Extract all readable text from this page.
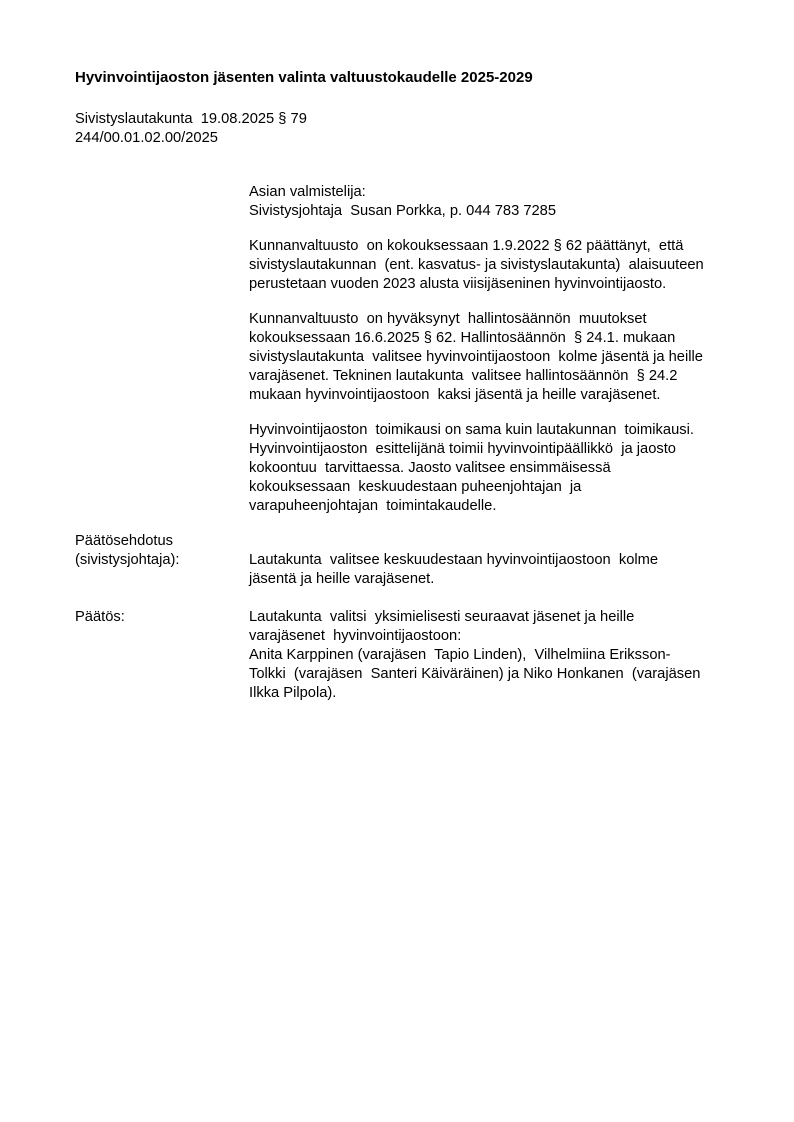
Hyvinvointijaoston jäsenten valinta valtuustokaudelle 2025-2029
Sivistyslautakunta  19.08.2025 § 79
244/00.01.02.00/2025

Asian valmistelija:
Sivistysjohtaja  Susan Porkka, p. 044 783 7285

Kunnanvaltuusto  on kokouksessaan 1.9.2022 § 62 päättänyt,  että
sivistyslautakunnan  (ent. kasvatus- ja sivistyslautakunta)  alaisuuteen
perustetaan vuoden 2023 alusta viisijäseninen hyvinvointijaosto.

Kunnanvaltuusto  on hyväksynyt  hallintosäännön  muutokset
kokouksessaan 16.6.2025 § 62. Hallintosäännön  § 24.1. mukaan
sivistyslautakunta  valitsee hyvinvointijaostoon  kolme jäsentä ja heille
varajäsenet. Tekninen lautakunta  valitsee hallintosäännön  § 24.2
mukaan hyvinvointijaostoon  kaksi jäsentä ja heille varajäsenet.

Hyvinvointijaoston  toimikausi on sama kuin lautakunnan  toimikausi.
Hyvinvointijaoston  esittelijänä toimii hyvinvointipäällikkö  ja jaosto
kokoontuu  tarvittaessa. Jaosto valitsee ensimmäisessä
kokouksessaan  keskuudestaan puheenjohtajan  ja
varapuheenjohtajan  toimintakaudelle.

Päätösehdotus
(sivistysjohtaja):	Lautakunta  valitsee keskuudestaan hyvinvointijaostoon  kolme
jäsentä ja heille varajäsenet.
Päätös:	Lautakunta  valitsi  yksimielisesti seuraavat jäsenet ja heille
varajäsenet  hyvinvointijaostoon:
Anita Karppinen (varajäsen  Tapio Linden),  Vilhelmiina Eriksson-
Tolkki  (varajäsen  Santeri Käiväräinen) ja Niko Honkanen  (varajäsen
Ilkka Pilpola).
